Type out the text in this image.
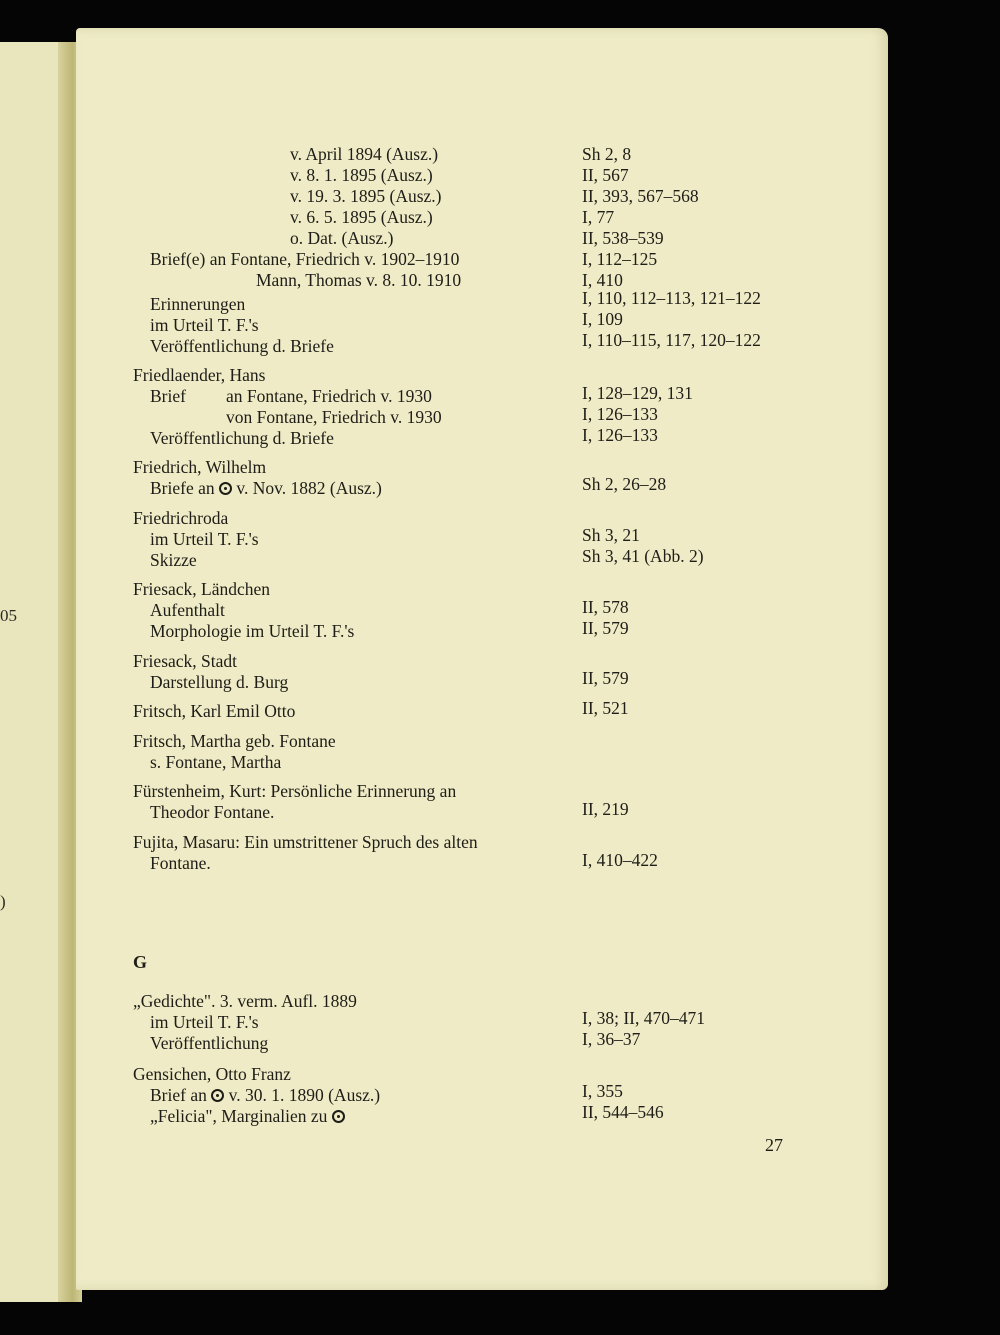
05
)
v. April 1894 (Ausz.)
v. 8. 1. 1895 (Ausz.)
v. 19. 3. 1895 (Ausz.)
v. 6. 5. 1895 (Ausz.)
o. Dat. (Ausz.)
Brief(e) an Fontane, Friedrich v. 1902–1910
Mann, Thomas v. 8. 10. 1910
Erinnerungen
im Urteil T. F.'s
Veröffentlichung d. Briefe
Friedlaender, Hans
Brief an Fontane, Friedrich v. 1930
von Fontane, Friedrich v. 1930
Veröffentlichung d. Briefe
Friedrich, Wilhelm
Briefe an v. Nov. 1882 (Ausz.)
Friedrichroda
im Urteil T. F.'s
Skizze
Friesack, Ländchen
Aufenthalt
Morphologie im Urteil T. F.'s
Friesack, Stadt
Darstellung d. Burg
Fritsch, Karl Emil Otto
Fritsch, Martha geb. Fontane
s. Fontane, Martha
Fürstenheim, Kurt: Persönliche Erinnerung an
Theodor Fontane.
Fujita, Masaru: Ein umstrittener Spruch des alten
Fontane.
Sh 2, 8
II, 567
II, 393, 567–568
I, 77
II, 538–539
I, 112–125
I, 410
I, 110, 112–113, 121–122
I, 109
I, 110–115, 117, 120–122
I, 128–129, 131
I, 126–133
I, 126–133
Sh 2, 26–28
Sh 3, 21
Sh 3, 41 (Abb. 2)
II, 578
II, 579
II, 579
II, 521
II, 219
I, 410–422
G
„Gedichte". 3. verm. Aufl. 1889
im Urteil T. F.'s
Veröffentlichung
Gensichen, Otto Franz
Brief an v. 30. 1. 1890 (Ausz.)
„Felicia", Marginalien zu
I, 38; II, 470–471
I, 36–37
I, 355
II, 544–546
27
